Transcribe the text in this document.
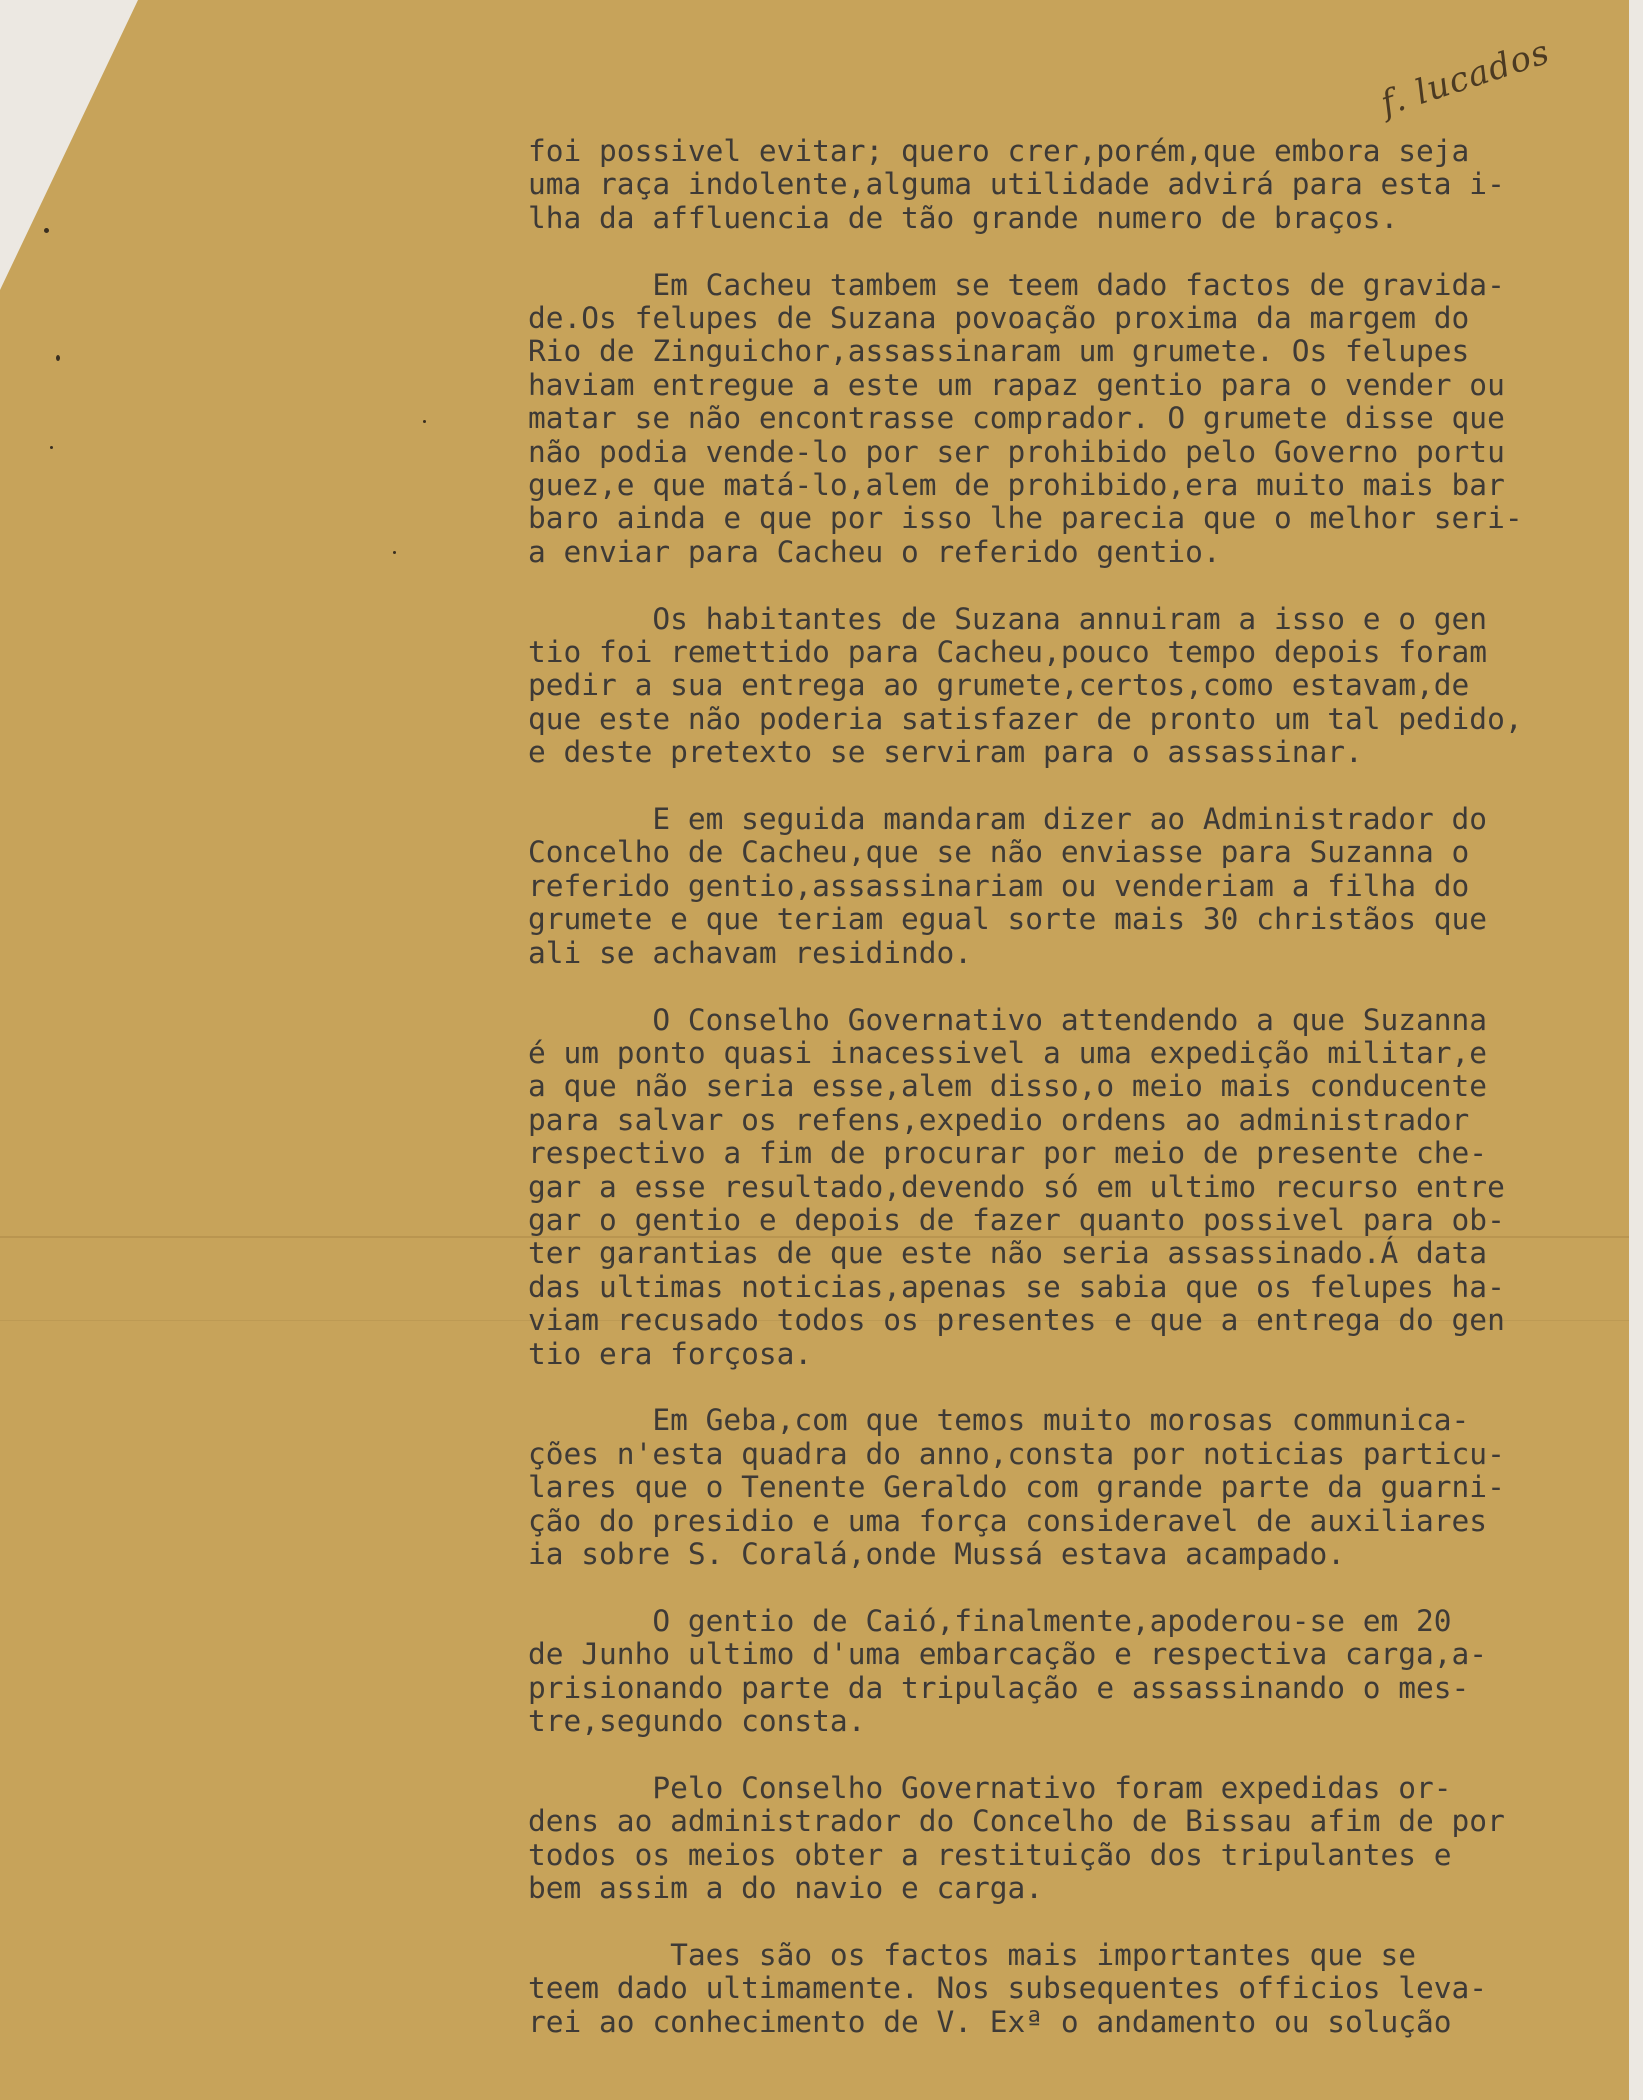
f. lucados
foi possivel evitar; quero crer,porém,que embora seja
uma raça indolente,alguma utilidade advirá para esta i-
lha da affluencia de tão grande numero de braços.
Em Cacheu tambem se teem dado factos de gravida-
de.Os felupes de Suzana povoação proxima da margem do
Rio de Zinguichor,assassinaram um grumete. Os felupes
haviam entregue a este um rapaz gentio para o vender ou
matar se não encontrasse comprador. O grumete disse que
não podia vende-lo por ser prohibido pelo Governo portu
guez,e que matá-lo,alem de prohibido,era muito mais bar
baro ainda e que por isso lhe parecia que o melhor seri-
a enviar para Cacheu o referido gentio.
Os habitantes de Suzana annuiram a isso e o gen
tio foi remettido para Cacheu,pouco tempo depois foram
pedir a sua entrega ao grumete,certos,como estavam,de
que este não poderia satisfazer de pronto um tal pedido,
e deste pretexto se serviram para o assassinar.
E em seguida mandaram dizer ao Administrador do
Concelho de Cacheu,que se não enviasse para Suzanna o
referido gentio,assassinariam ou venderiam a filha do
grumete e que teriam egual sorte mais 30 christãos que
ali se achavam residindo.
O Conselho Governativo attendendo a que Suzanna
é um ponto quasi inacessivel a uma expedição militar,e
a que não seria esse,alem disso,o meio mais conducente
para salvar os refens,expedio ordens ao administrador
respectivo a fim de procurar por meio de presente che-
gar a esse resultado,devendo só em ultimo recurso entre
gar o gentio e depois de fazer quanto possivel para ob-
ter garantias de que este não seria assassinado.Á data
das ultimas noticias,apenas se sabia que os felupes ha-
viam recusado todos os presentes e que a entrega do gen
tio era forçosa.
Em Geba,com que temos muito morosas communica-
ções n'esta quadra do anno,consta por noticias particu-
lares que o Tenente Geraldo com grande parte da guarni-
ção do presidio e uma força consideravel de auxiliares
ia sobre S. Coralá,onde Mussá estava acampado.
O gentio de Caió,finalmente,apoderou-se em 20
de Junho ultimo d'uma embarcação e respectiva carga,a-
prisionando parte da tripulação e assassinando o mes-
tre,segundo consta.
Pelo Conselho Governativo foram expedidas or-
dens ao administrador do Concelho de Bissau afim de por
todos os meios obter a restituição dos tripulantes e
bem assim a do navio e carga.
Taes são os factos mais importantes que se
teem dado ultimamente. Nos subsequentes officios leva-
rei ao conhecimento de V. Exª o andamento ou solução
